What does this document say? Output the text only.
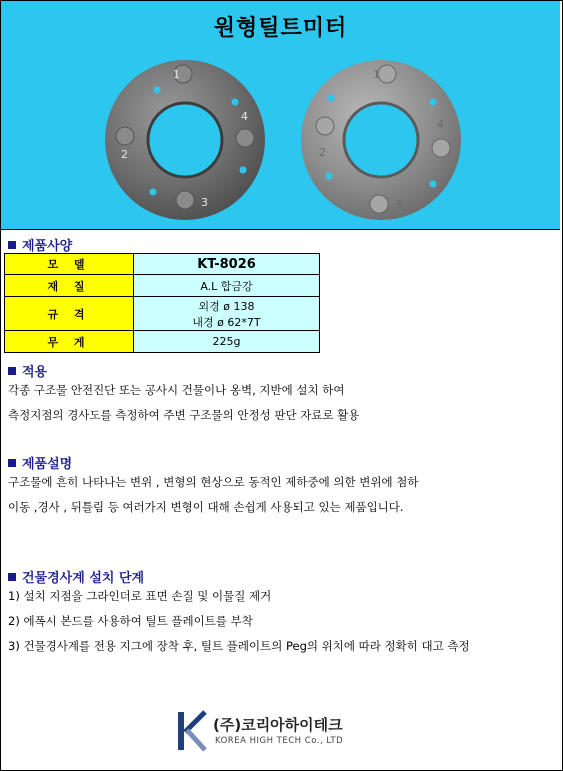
원형틸트미터
1
2
3
4
1
2
3
4
제품사양
모 델	KT-8026
재 질	A.L 합금강
규 격	외경 ø 138
내경 ø 62*7T

무 게	225g
적용
각종 구조물 안전진단 또는 공사시 건물이나 옹벽, 지반에 설치 하여
측정지점의 경사도를 측정하여 주변 구조물의 안정성 판단 자료로 활용
제품설명
구조물에 흔히 나타나는 변위 , 변형의 현상으로 동적인 제하중에 의한 변위에 첨하
이동 ,경사 , 뒤틀림 등 여러가지 변형이 대해 손쉽게 사용되고 있는 제품입니다.
건물경사계 설치 단계
1) 설치 지점을 그라인더로 표면 손질 및 이물질 제거
2) 에폭시 본드를 사용하여 틸트 플레이트를 부착
3) 건물경사계를 전용 지그에 장착 후, 틸트 플레이트의 Peg의 위치에 따라 정확히 대고 측정
(주)코리아하이테크
KOREA HIGH TECH Co., LTD
